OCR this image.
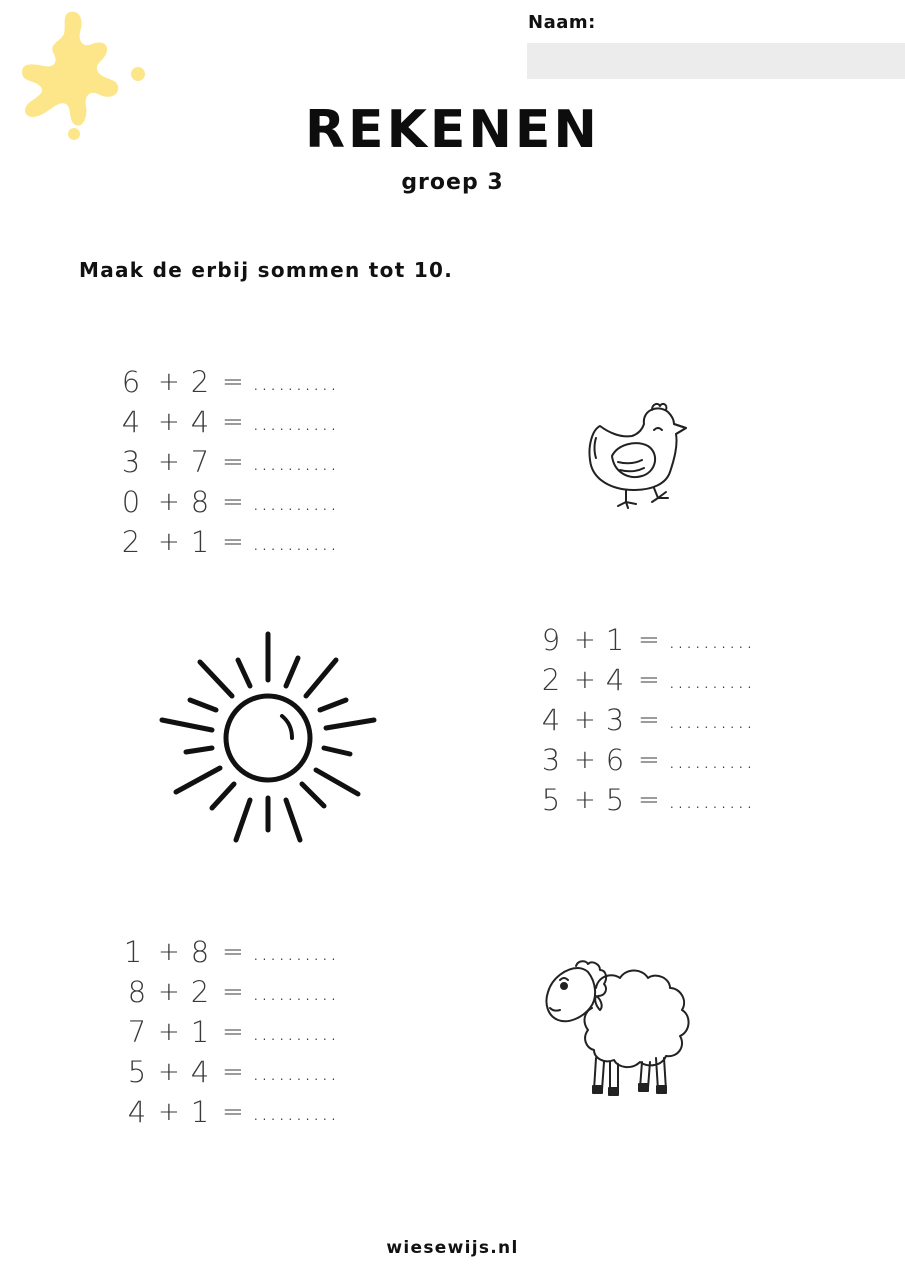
Naam:
REKENEN
groep 3
Maak de erbij sommen tot 10.
6 + 2 = ..........
4 + 4 = ..........
3 + 7 = ..........
0 + 8 = ..........
2 + 1 = ..........
9 + 1 = ..........
2 + 4 = ..........
4 + 3 = ..........
3 + 6 = ..........
5 + 5 = ..........
1 + 8 = ..........
8 + 2 = ..........
7 + 1 = ..........
5 + 4 = ..........
4 + 1 = ..........
wiesewijs.nl
